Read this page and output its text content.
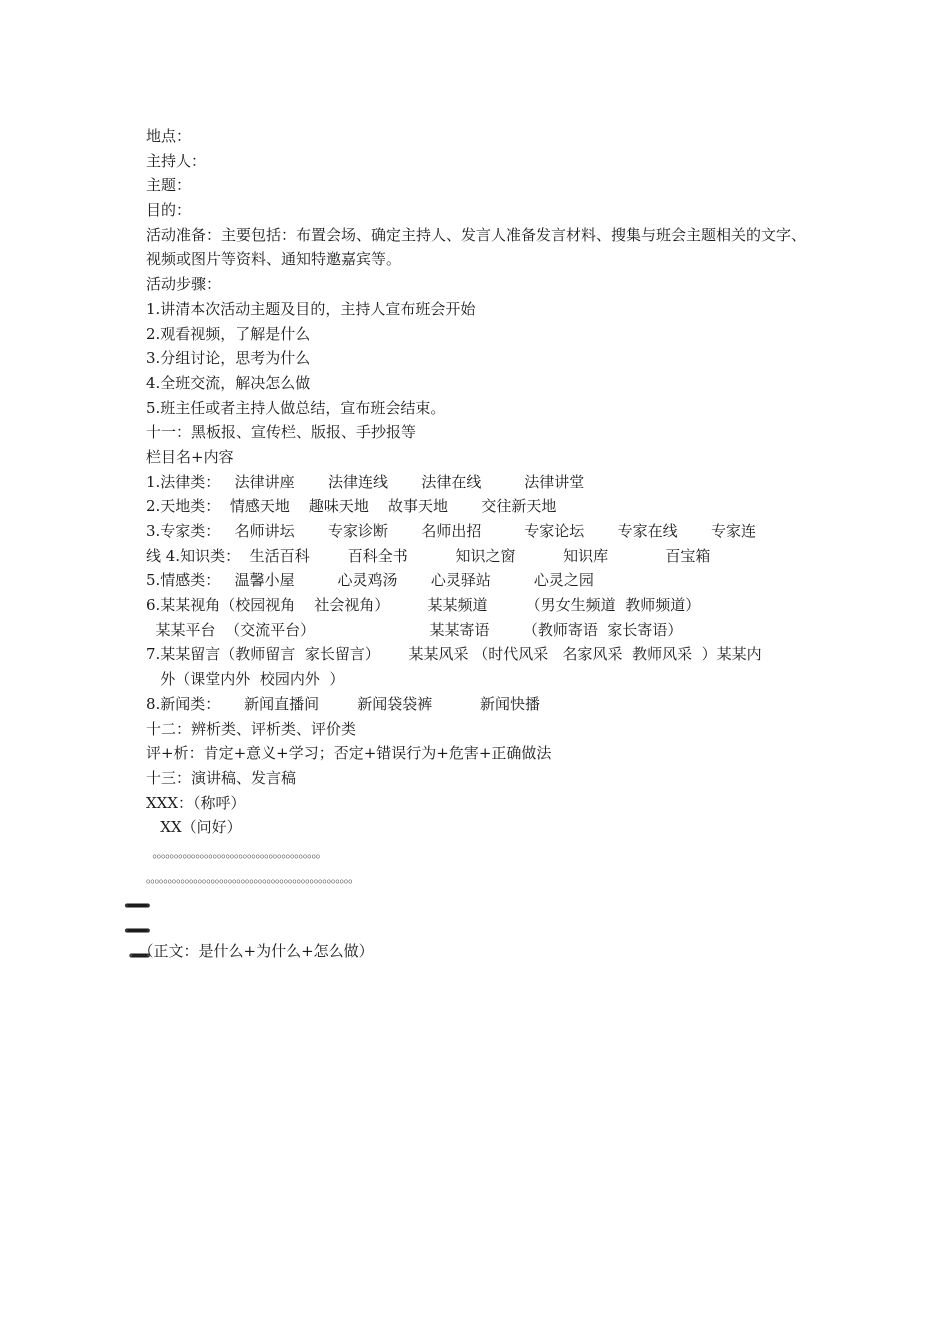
地点：
主持人：
主题：
目的：
活动准备：主要包括：布置会场、确定主持人、发言人准备发言材料、搜集与班会主题相关的文字、视频或图片等资料、通知特邀嘉宾等。
活动步骤：
1.讲清本次活动主题及目的，主持人宣布班会开始
2.观看视频，了解是什么
3.分组讨论，思考为什么
4.全班交流，解决怎么做
5.班主任或者主持人做总结，宣布班会结束。
十一：黑板报、宣传栏、版报、手抄报等
栏目名+内容
1.法律类：   法律讲座       法律连线       法律在线         法律讲堂
2.天地类：  情感天地    趣味天地    故事天地       交往新天地
3.专家类：   名师讲坛       专家诊断       名师出招         专家论坛       专家在线       专家连
线 4.知识类：  生活百科        百科全书          知识之窗          知识库            百宝箱
5.情感类：   温馨小屋         心灵鸡汤       心灵驿站         心灵之园
6.某某视角（校园视角    社会视角）        某某频道        （男女生频道  教师频道）
某某平台  （交流平台）                        某某寄语       （教师寄语  家长寄语）
7.某某留言（教师留言  家长留言）      某某风采 （时代风采   名家风采  教师风采  ）某某内
外（课堂内外  校园内外  ）
8.新闻类：     新闻直播间        新闻袋袋裤          新闻快播
十二：辨析类、评析类、评价类
评+析：肯定+意义+学习；否定+错误行为+危害+正确做法
十三：演讲稿、发言稿
XXX：（称呼）
XX（问好）
。。。。。。。。。。。。。。。。。。。。。。。。。。。。。。。。。。。。。。。
。。。。。。。。。。。。。。。。。。。。。。。。。。。。。。。。。。。。。。。。。。。。。。。。
（正文：是什么+为什么+怎么做）
